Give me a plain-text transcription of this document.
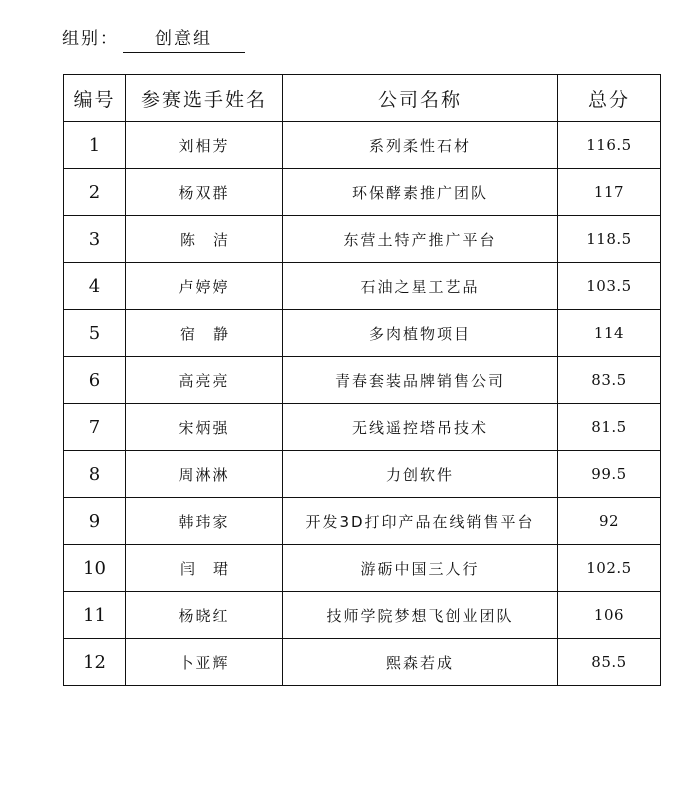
组别： 创意组
编号	参赛选手姓名	公司名称	总分
1	刘相芳	系列柔性石材	116.5
2	杨双群	环保酵素推广团队	117
3	陈洁	东营土特产推广平台	118.5
4	卢婷婷	石油之星工艺品	103.5
5	宿静	多肉植物项目	114
6	高亮亮	青春套装品牌销售公司	83.5
7	宋炳强	无线遥控塔吊技术	81.5
8	周淋淋	力创软件	99.5
9	韩玮家	开发3D打印产品在线销售平台	92
10	闫珺	游砺中国三人行	102.5
11	杨晓红	技师学院梦想飞创业团队	106
12	卜亚辉	熙森若成	85.5
